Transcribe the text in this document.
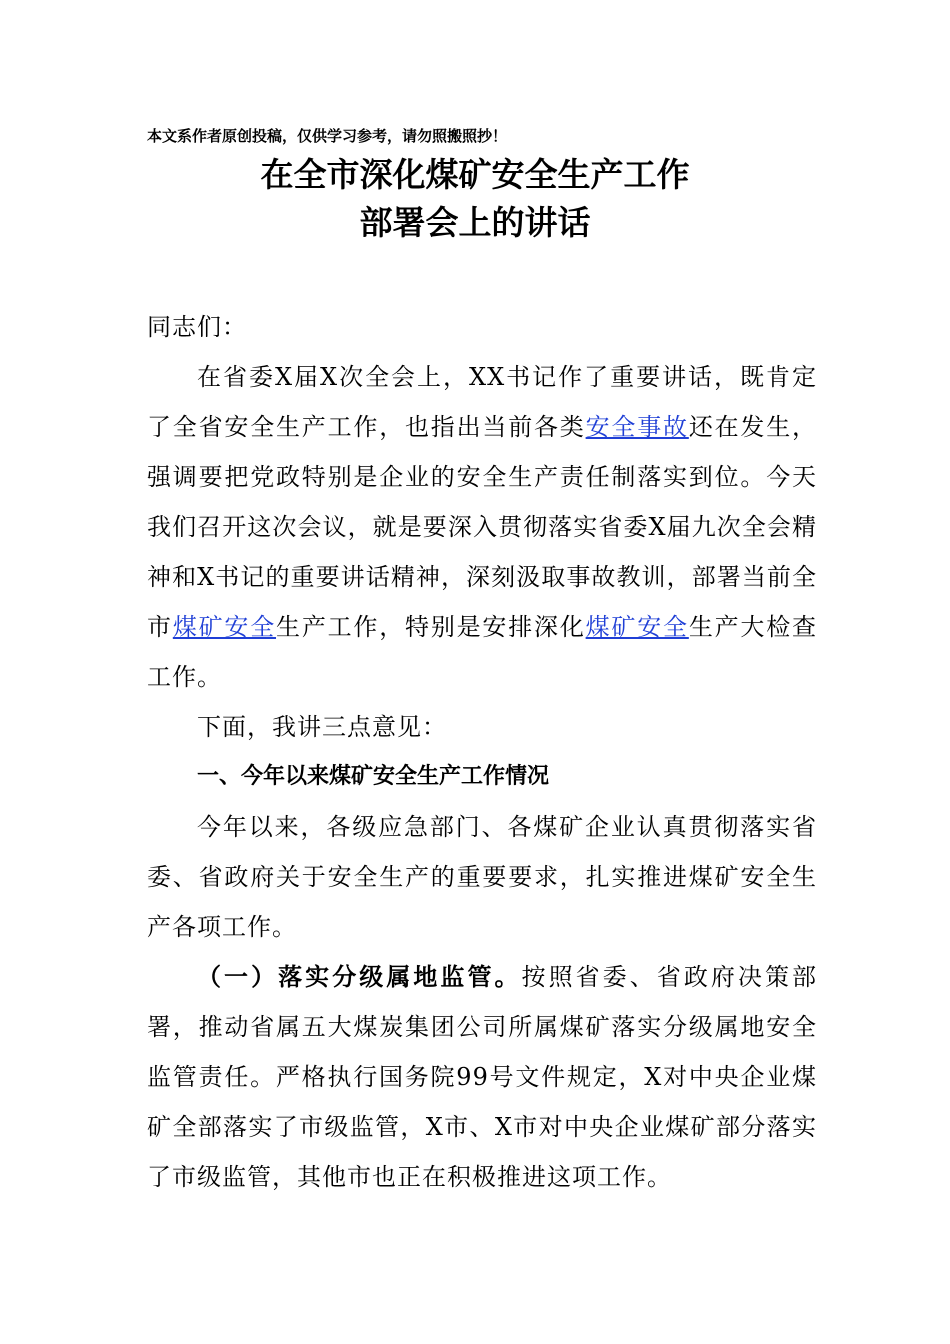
本文系作者原创投稿，仅供学习参考，请勿照搬照抄！
在全市深化煤矿安全生产工作
部署会上的讲话

同志们：

在省委X届X次全会上，XX书记作了重要讲话，既肯定了全省安全生产工作，也指出当前各类安全事故还在发生，强调要把党政特别是企业的安全生产责任制落实到位。今天我们召开这次会议，就是要深入贯彻落实省委X届九次全会精神和X书记的重要讲话精神，深刻汲取事故教训，部署当前全市煤矿安全生产工作，特别是安排深化煤矿安全生产大检查工作。

下面，我讲三点意见：

一、今年以来煤矿安全生产工作情况

今年以来，各级应急部门、各煤矿企业认真贯彻落实省委、省政府关于安全生产的重要要求，扎实推进煤矿安全生产各项工作。

（一）落实分级属地监管。按照省委、省政府决策部署，推动省属五大煤炭集团公司所属煤矿落实分级属地安全监管责任。严格执行国务院99号文件规定，X对中央企业煤矿全部落实了市级监管，X市、X市对中央企业煤矿部分落实了市级监管，其他市也正在积极推进这项工作。
